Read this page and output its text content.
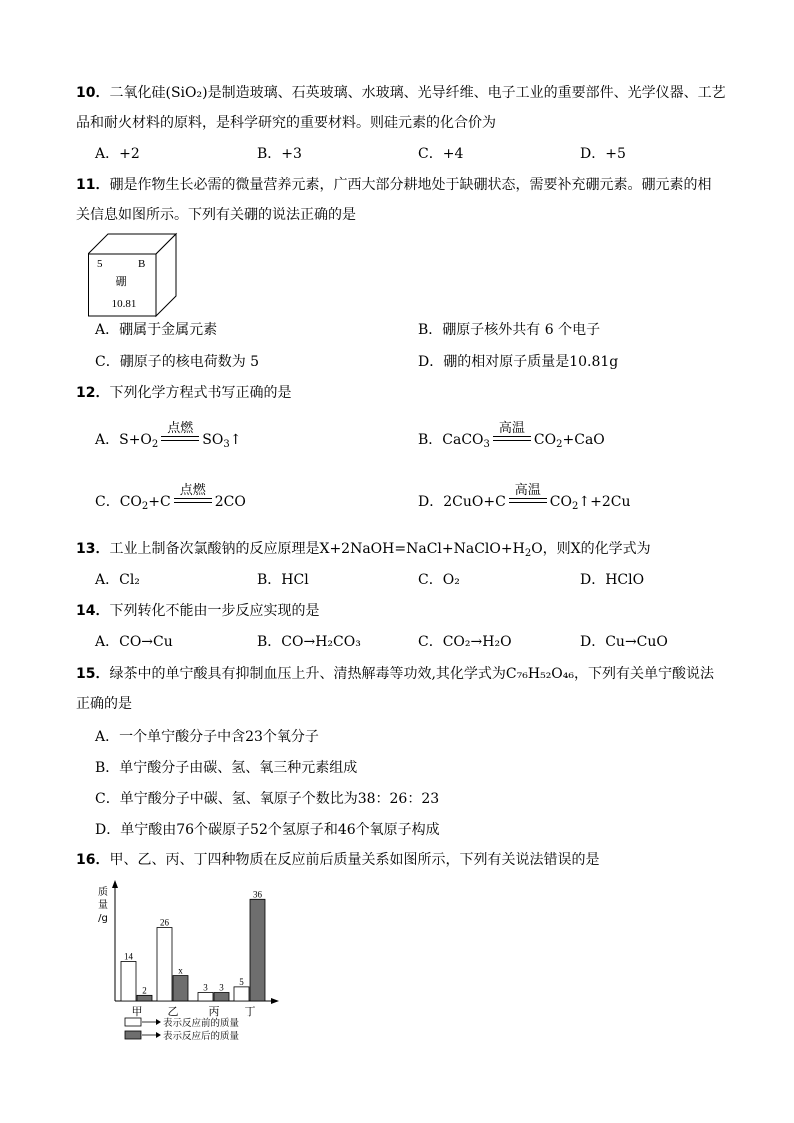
10．二氧化硅(SiO₂)是制造玻璃、石英玻璃、水玻璃、光导纤维、电子工业的重要部件、光学仪器、工艺
品和耐火材料的原料，是科学研究的重要材料。则硅元素的化合价为
A．+2	B．+3	C．+4	D．+5
11．硼是作物生长必需的微量营养元素，广西大部分耕地处于缺硼状态，需要补充硼元素。硼元素的相
关信息如图所示。下列有关硼的说法正确的是
5	B
硼
10.81
A．硼属于金属元素	B．硼原子核外共有 6 个电子
C．硼原子的核电荷数为 5	D．硼的相对原子质量是10.81g
12．下列化学方程式书写正确的是
A．$S+O_2$
点燃
$SO_3↑$	B．CaCO$_3$
高温
$CO_2+CaO$
C．$CO_2+C$
点燃
2CO	D．2CuO+C
高温
$CO_2↑+2Cu$
13．工业上制备次氯酸钠的反应原理是$X+2NaOH=NaCl+NaClO+H_2O$，则X的化学式为
A．Cl₂	B．HCl	C．O₂	D．HClO
14．下列转化不能由一步反应实现的是
A．CO→Cu	B．CO→H₂CO₃	C．CO₂→H₂O	D．Cu→CuO
15．绿茶中的单宁酸具有抑制血压上升、清热解毒等功效,其化学式为C₇₆H₅₂O₄₆，下列有关单宁酸说法
正确的是
A．一个单宁酸分子中含23个氧分子
B．单宁酸分子由碳、氢、氧三种元素组成
C．单宁酸分子中碳、氢、氧原子个数比为38：26：23
D．单宁酸由76个碳原子52个氢原子和46个氧原子构成
16．甲、乙、丙、丁四种物质在反应前后质量关系如图所示，下列有关说法错误的是
质
量
/g
14
2
甲
26
x
乙
3 3
丙
5
36
丁
表示反应前的质量
表示反应后的质量
